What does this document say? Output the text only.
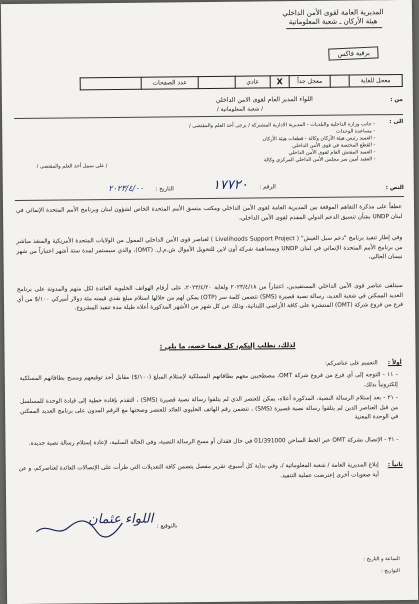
المديرية العامة لقوى الأمن الداخلي
هيئة الأركان ـ شعبة المعلوماتية
برقية فاكس
معجل للغاية		معجل جداً	X	عادي		عدد الصفحات	
من :
اللواء المدير العام لقوى الامن الداخلي
/ شعبة المعلوماتية /
الى :
- جانب وزارة الداخلية والبلديات - المديرية الادارية المشتركة / برجى أخذ العلم والمقتضى /
- مساعدة الوحدات
- العميد رئيس هيئة الأركان وكالة - قطعات هيئة الأركان
- القطع المختصة في قوى الأمن الداخلي
- العميد المفتش العام لقوى الأمن الداخلي
- العقيد أمين سر مجلس الأمن الداخلي المركزي وكالة
/ على سبيل أخذ العلم والمقتضى /
النص :
الرقم :
١٧٧٢٠
التاريخ :
٢٠٢٣/٤/٠٠
عطفاً على مذكرة التفاهم الموقعة بين المديرية العامة لقوى الأمن الداخلي ومكتب منسق الأمم المتحدة الخاص لشؤون لبنان وبرنامج الأمم المتحدة الإنمائي في لبنان UNDP بشأن تنسيق الدعم الدولي المقدم لقوى الأمن الداخلي،
وفي إطار تنفيذ برنامج "دعم سبل العيش" ( Livelihoods Support Project ) لعناصر قوى الأمن الداخلي الممول من الولايات المتحدة الأمريكية والمنفذ مباشر من برنامج الأمم المتحدة الإنمائي في لبنان UNDP وبمساهمة شركة أون لاين للتحويل الأموال ش.م.ل. (OMT)، والذي سيستمر لمدة ستة أشهر اعتباراً من شهر نيسان الحالي،
سيتلقى عناصر قوى الأمن الداخلي المستفيدين، اعتباراً من ٢٠٢٣/٤/١٨ ولغاية ٢٠٢٣/٤/٢٠، على أرقام الهواتف الخليوية العائدة لكل منهم والمدونة على برنامج العديد الممكنن في شعبة العديد، رسالة نصية قصيرة (SMS) تتضمن كلمة سر (OTP) يمكن لهم من خلالها استلام مبلغ نقدي قيمته مئة دولار أميركي ١٠٠/$ من أي فرع من فروع شركة (OMT) المنتشرة على كافة الأراضي اللبنانية، وذلك عن كل شهر من الأشهر المذكورة أعلاه طيلة مدة تنفيذ المشروع.
لذلك، نطلب إليكم، كل فيما خصه، ما يلي :
أولاً :
التعميم على عناصركم:
- ١١ - التوجه إلى أي فرع من فروع شركة OMT، مصطحبين معهم بطاقاتهم المسلكية لإستلام المبلغ (١٠٠/$) مقابل أخذ توقيعهم ومسح بطاقاتهم المسلكية إلكترونياً بذلك.
- ٢١ - بعد إستلام الرسالة النصية، المذكورة أعلاه، يمكن للعنصر الذي لم يتلقوا رسالة نصية قصيرة (SMS) ، التقدم بإفادة خطية إلى قيادة الوحدة للمسلسل من قبل العناصر الذين لم يتلقوا رسالة نصية قصيرة (SMS) ، تتضمن رقم الهاتف الخليوي العائد للعنصر وصحتها مع الرقم المدون على برنامج العديد الممكنن في الوحدة المعنية
- ٣١ - الإتصال بشركة OMT عبر الخط الساخن 01/391000 في حال فقدان أو مسح الرسالة النصية، وفي الحالة السلبية، لإعادة إستلام رسالة نصية جديدة.
ثانياً :
إبلاغ المديرية العامة / شعبة المعلوماتية /، وفي بداية كل أسبوع، تقرير مفصل يتضمن كافة التعديلات التي طرأت على الإتصالات العائدة لعناصركم، و عن أية صعوبات أخرى إعترضت عملية التنفيذ.
بالتوقيع :
اللواء عثمان
الساعة و التاريخ :
التواريخ :
